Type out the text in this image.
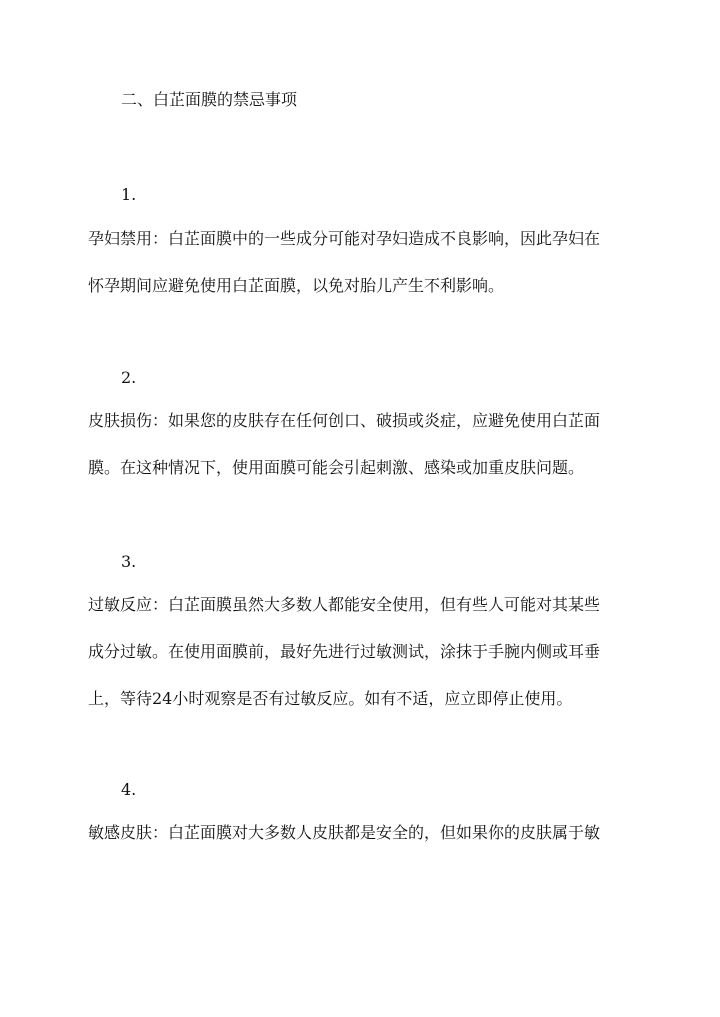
二、白芷面膜的禁忌事项
1.
孕妇禁用：白芷面膜中的一些成分可能对孕妇造成不良影响，因此孕妇在
怀孕期间应避免使用白芷面膜，以免对胎儿产生不利影响。
2.
皮肤损伤：如果您的皮肤存在任何创口、破损或炎症，应避免使用白芷面
膜。在这种情况下，使用面膜可能会引起刺激、感染或加重皮肤问题。
3.
过敏反应：白芷面膜虽然大多数人都能安全使用，但有些人可能对其某些
成分过敏。在使用面膜前，最好先进行过敏测试，涂抹于手腕内侧或耳垂
上，等待24小时观察是否有过敏反应。如有不适，应立即停止使用。
4.
敏感皮肤：白芷面膜对大多数人皮肤都是安全的，但如果你的皮肤属于敏
